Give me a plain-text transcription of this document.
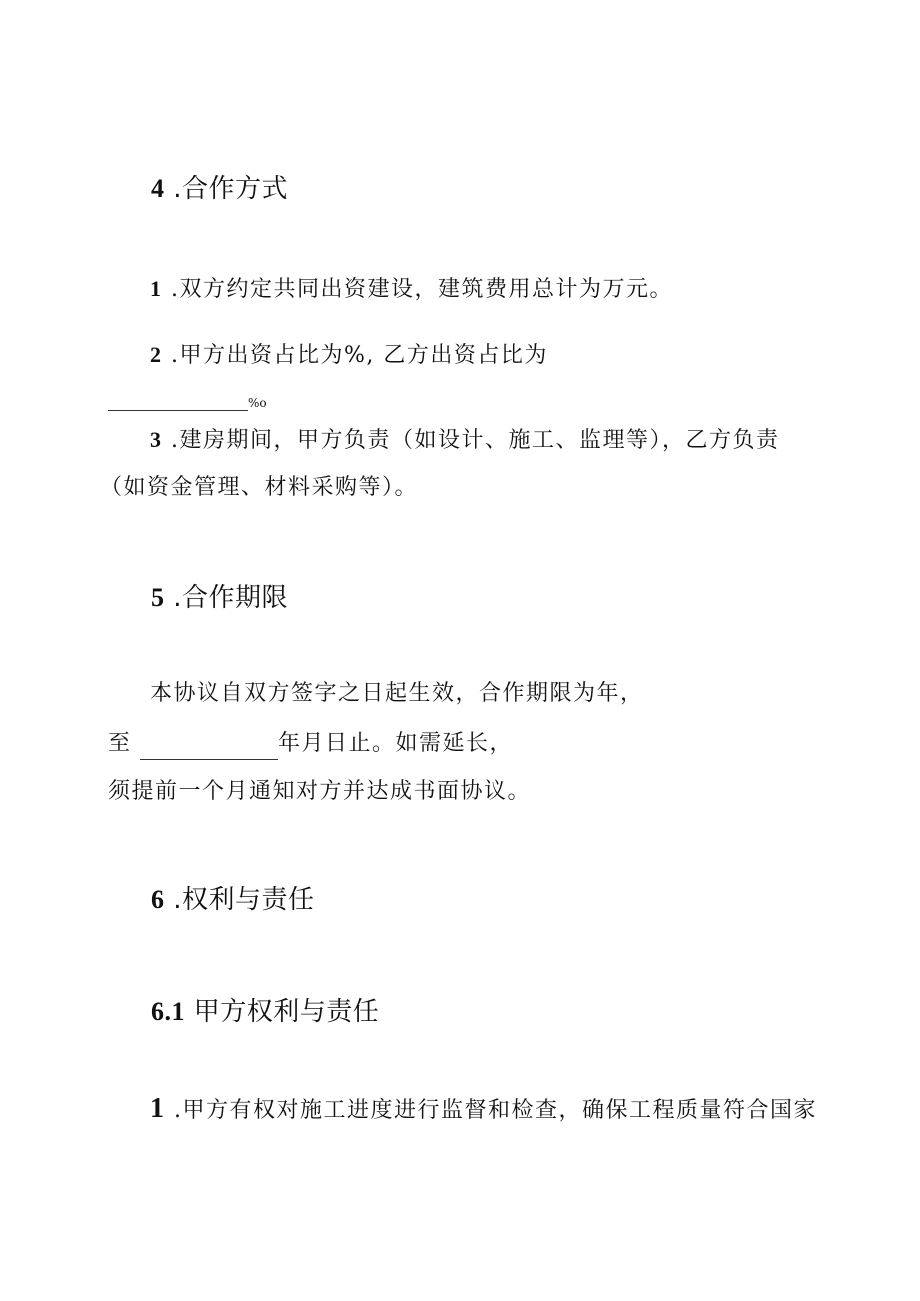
4 .合作方式
1 .双方约定共同出资建设，建筑费用总计为万元。
2 .甲方出资占比为%, 乙方出资占比为
%o
3 .建房期间，甲方负责（如设计、施工、监理等），乙方负责
（如资金管理、材料采购等）。
5 .合作期限
本协议自双方签字之日起生效，合作期限为年，
至	年月日止。如需延长，
须提前一个月通知对方并达成书面协议。
6 .权利与责任
6.1 甲方权利与责任
1 .甲方有权对施工进度进行监督和检查，确保工程质量符合国家
